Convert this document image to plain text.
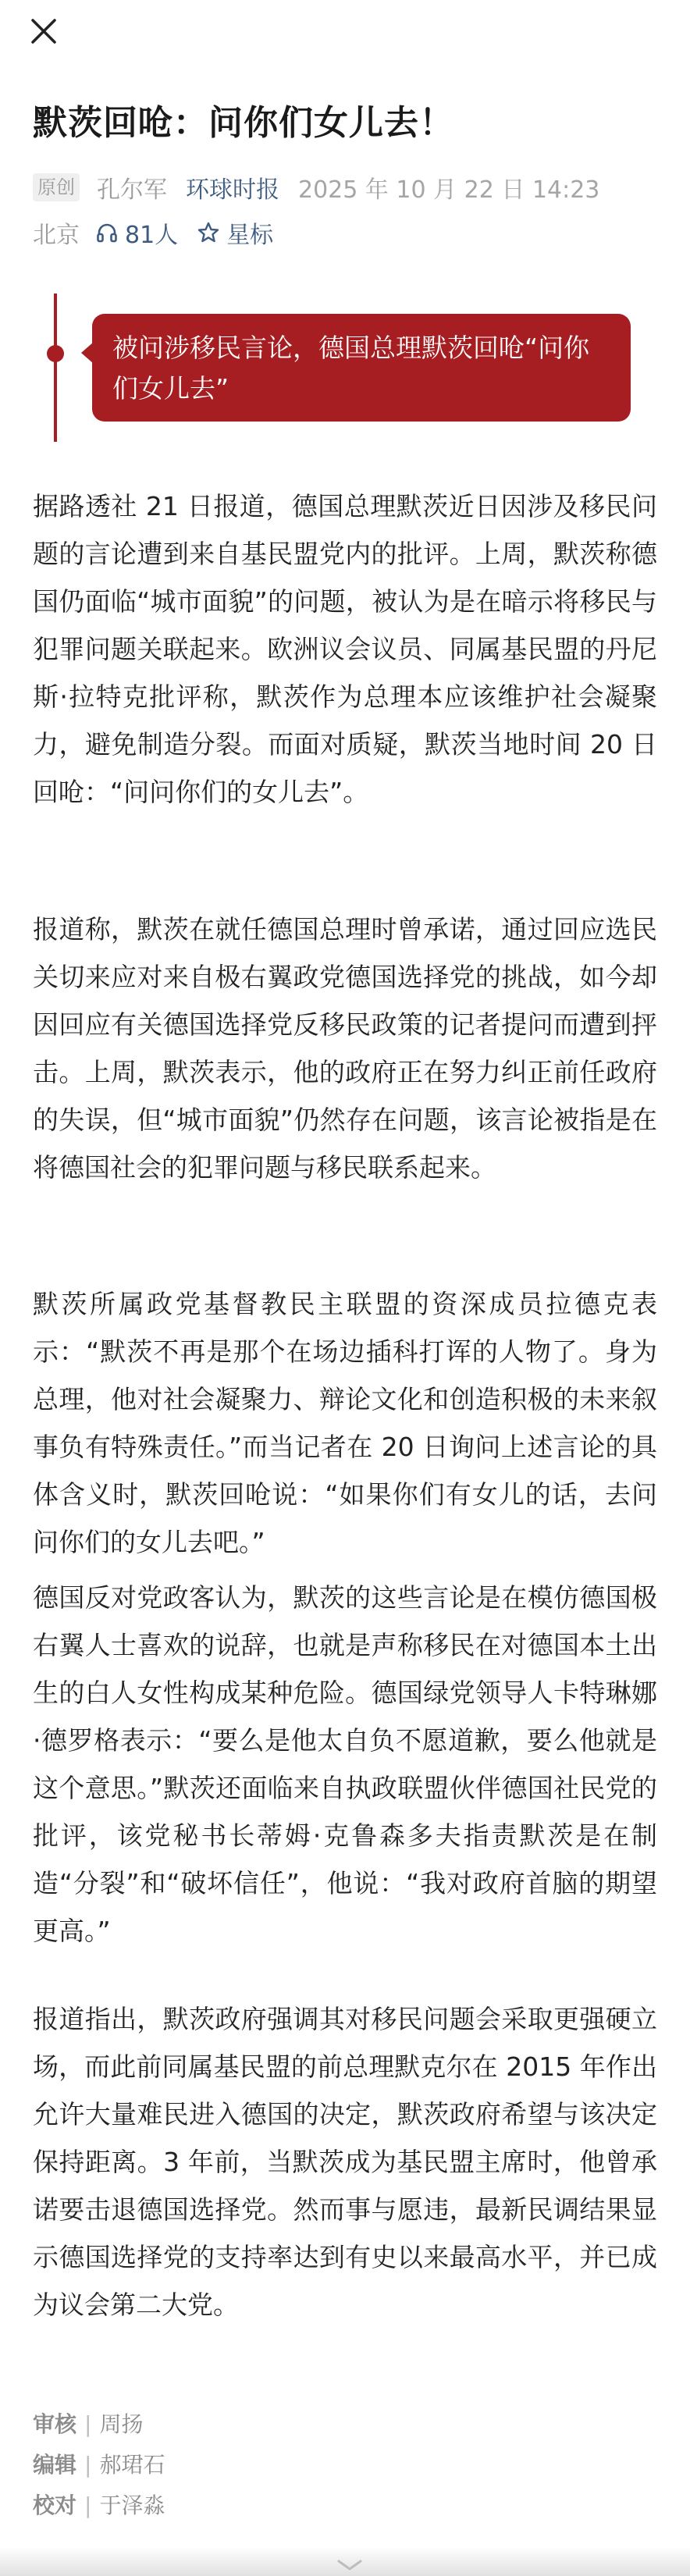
默茨回呛：问你们女儿去！
原创 孔尔军 环球时报 2025 年 10 月 22 日 14:23
北京 81人 星标
被问涉移民言论，德国总理默茨回呛“问你们女儿去”

据路透社 21 日报道，德国总理默茨近日因涉及移民问题的言论遭到来自基民盟党内的批评。上周，默茨称德国仍面临“城市面貌”的问题，被认为是在暗示将移民与犯罪问题关联起来。欧洲议会议员、同属基民盟的丹尼斯·拉特克批评称，默茨作为总理本应该维护社会凝聚力，避免制造分裂。而面对质疑，默茨当地时间 20 日回呛：“问问你们的女儿去”。

报道称，默茨在就任德国总理时曾承诺，通过回应选民关切来应对来自极右翼政党德国选择党的挑战，如今却因回应有关德国选择党反移民政策的记者提问而遭到抨击。上周，默茨表示，他的政府正在努力纠正前任政府的失误，但“城市面貌”仍然存在问题，该言论被指是在将德国社会的犯罪问题与移民联系起来。

默茨所属政党基督教民主联盟的资深成员拉德克表示：“默茨不再是那个在场边插科打诨的人物了。身为总理，他对社会凝聚力、辩论文化和创造积极的未来叙事负有特殊责任。”而当记者在 20 日询问上述言论的具体含义时，默茨回呛说：“如果你们有女儿的话，去问问你们的女儿去吧。”

德国反对党政客认为，默茨的这些言论是在模仿德国极右翼人士喜欢的说辞，也就是声称移民在对德国本土出生的白人女性构成某种危险。德国绿党领导人卡特琳娜·德罗格表示：“要么是他太自负不愿道歉，要么他就是这个意思。”默茨还面临来自执政联盟伙伴德国社民党的批评，该党秘书长蒂姆·克鲁森多夫指责默茨是在制造“分裂”和“破坏信任”，他说：“我对政府首脑的期望更高。”

报道指出，默茨政府强调其对移民问题会采取更强硬立场，而此前同属基民盟的前总理默克尔在 2015 年作出允许大量难民进入德国的决定，默茨政府希望与该决定保持距离。3 年前，当默茨成为基民盟主席时，他曾承诺要击退德国选择党。然而事与愿违，最新民调结果显示德国选择党的支持率达到有史以来最高水平，并已成为议会第二大党。

审核 | 周扬
编辑 | 郝珺石
校对 | 于泽淼
